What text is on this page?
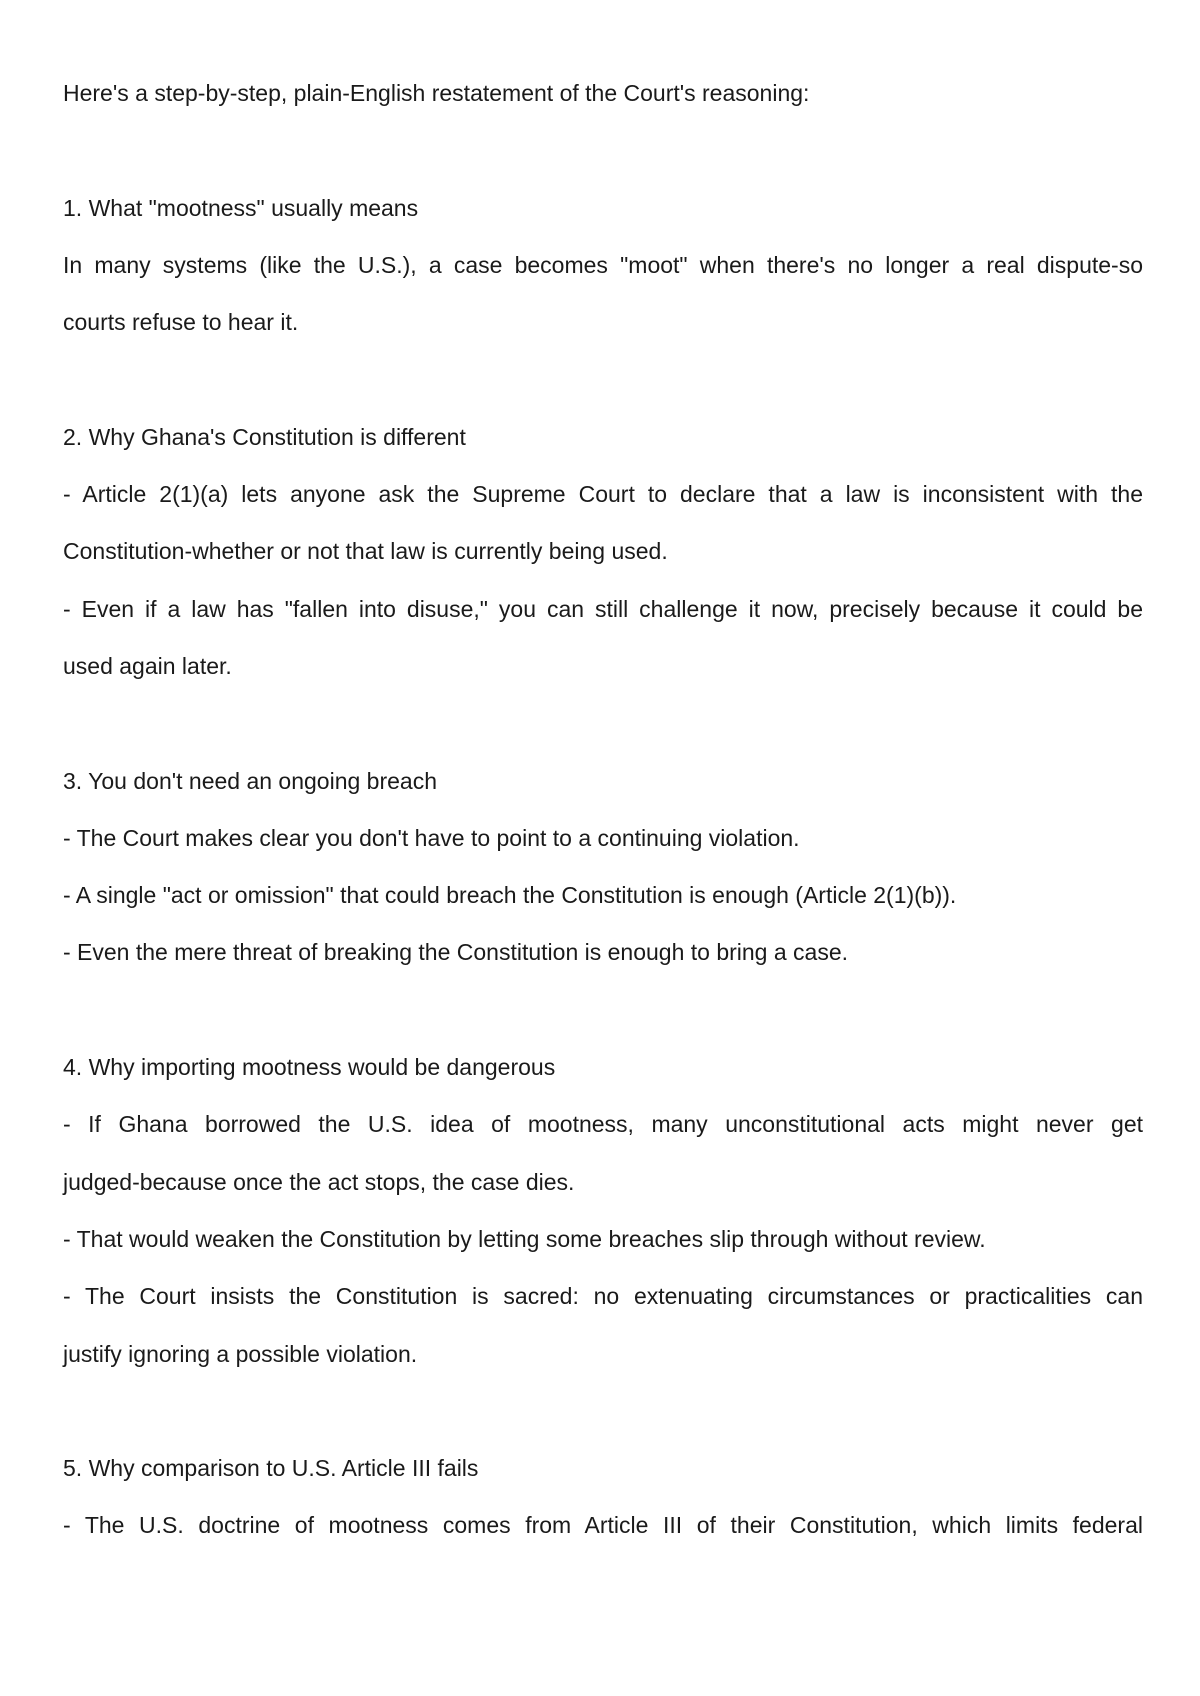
Here's a step-by-step, plain-English restatement of the Court's reasoning:

1. What "mootness" usually means

In many systems (like the U.S.), a case becomes "moot" when there's no longer a real dispute-so

courts refuse to hear it.

2. Why Ghana's Constitution is different

- Article 2(1)(a) lets anyone ask the Supreme Court to declare that a law is inconsistent with the

Constitution-whether or not that law is currently being used.

- Even if a law has "fallen into disuse," you can still challenge it now, precisely because it could be

used again later.

3. You don't need an ongoing breach

- The Court makes clear you don't have to point to a continuing violation.

- A single "act or omission" that could breach the Constitution is enough (Article 2(1)(b)).

- Even the mere threat of breaking the Constitution is enough to bring a case.

4. Why importing mootness would be dangerous

- If Ghana borrowed the U.S. idea of mootness, many unconstitutional acts might never get

judged-because once the act stops, the case dies.

- That would weaken the Constitution by letting some breaches slip through without review.

- The Court insists the Constitution is sacred: no extenuating circumstances or practicalities can

justify ignoring a possible violation.

5. Why comparison to U.S. Article III fails

- The U.S. doctrine of mootness comes from Article III of their Constitution, which limits federal
